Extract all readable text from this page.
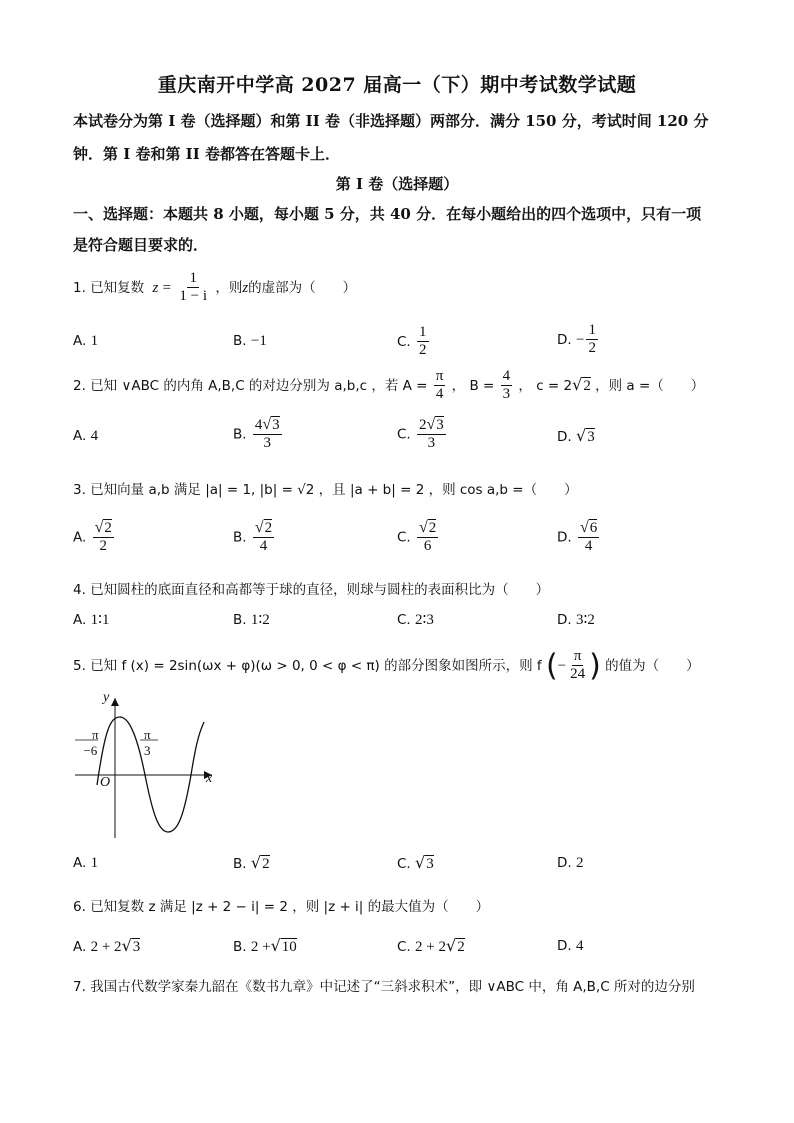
重庆南开中学高 2027 届高一（下）期中考试数学试题
本试卷分为第 I 卷（选择题）和第 II 卷（非选择题）两部分．满分 150 分，考试时间 120 分
钟．第 I 卷和第 II 卷都答在答题卡上．
第 I 卷（选择题）
一、选择题：本题共 8 小题，每小题 5 分，共 40 分．在每小题给出的四个选项中，只有一项
是符合题目要求的．
1. 已知复数 $z = \frac{1}{1 - i}$ ，则z的虚部为（　　）
A. 1	B. −1	C. $\frac{1}{2}$	D. − $\frac{1}{2}$
2. 已知 ∨ABC 的内角 A,B,C 的对边分别为 a,b,c ，若 $A = \frac{\pi}{4}$ ， $B = \frac{4}{3}$ ， c = 2√2 ，则 a =（　　）
A. 4	B. $\frac{4√3}{3}$	C. $\frac{2√3}{3}$	D. √3
3. 已知向量 a,b 满足 |a| = 1, |b| = √2 ，且 |a + b| = 2 ，则 cos a,b =（　　）
A. $\frac{√2}{2}$	B. $\frac{√2}{4}$	C. $\frac{√2}{6}$	D. $\frac{√6}{4}$
4. 已知圆柱的底面直径和高都等于球的直径，则球与圆柱的表面积比为（　　）
A. 1∶1	B. 1∶2	C. 2∶3	D. 3∶2
5. 已知 f (x) = 2sin(ωx + φ)(ω > 0, 0 < φ < π) 的部分图象如图所示，则 f (− $\frac{\pi}{24}$ ) 的值为（　　）
y
x
O
π
−6
π
3
A. 1	B. √2	C. √3	D. 2
6. 已知复数 z 满足 |z + 2 − i| = 2 ，则 |z + i| 的最大值为（　　）
A. 2 + 2√3	B. 2 +√10	C. 2 + 2√2	D. 4
7. 我国古代数学家秦九韶在《数书九章》中记述了“三斜求积术”，即 ∨ABC 中，角 A,B,C 所对的边分别
